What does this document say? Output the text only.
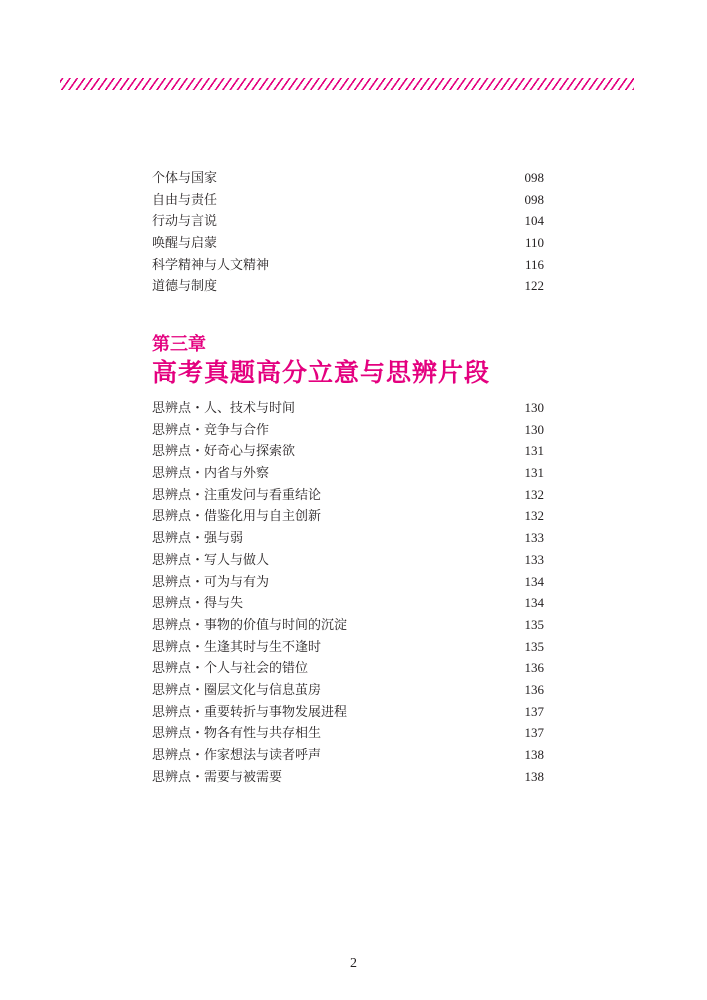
个体与国家	098
自由与责任	098
行动与言说	104
唤醒与启蒙	110
科学精神与人文精神	116
道德与制度	122
第三章
高考真题高分立意与思辨片段
思辨点・人、技术与时间	130
思辨点・竞争与合作	130
思辨点・好奇心与探索欲	131
思辨点・内省与外察	131
思辨点・注重发问与看重结论	132
思辨点・借鉴化用与自主创新	132
思辨点・强与弱	133
思辨点・写人与做人	133
思辨点・可为与有为	134
思辨点・得与失	134
思辨点・事物的价值与时间的沉淀	135
思辨点・生逢其时与生不逢时	135
思辨点・个人与社会的错位	136
思辨点・圈层文化与信息茧房	136
思辨点・重要转折与事物发展进程	137
思辨点・物各有性与共存相生	137
思辨点・作家想法与读者呼声	138
思辨点・需要与被需要	138
2
